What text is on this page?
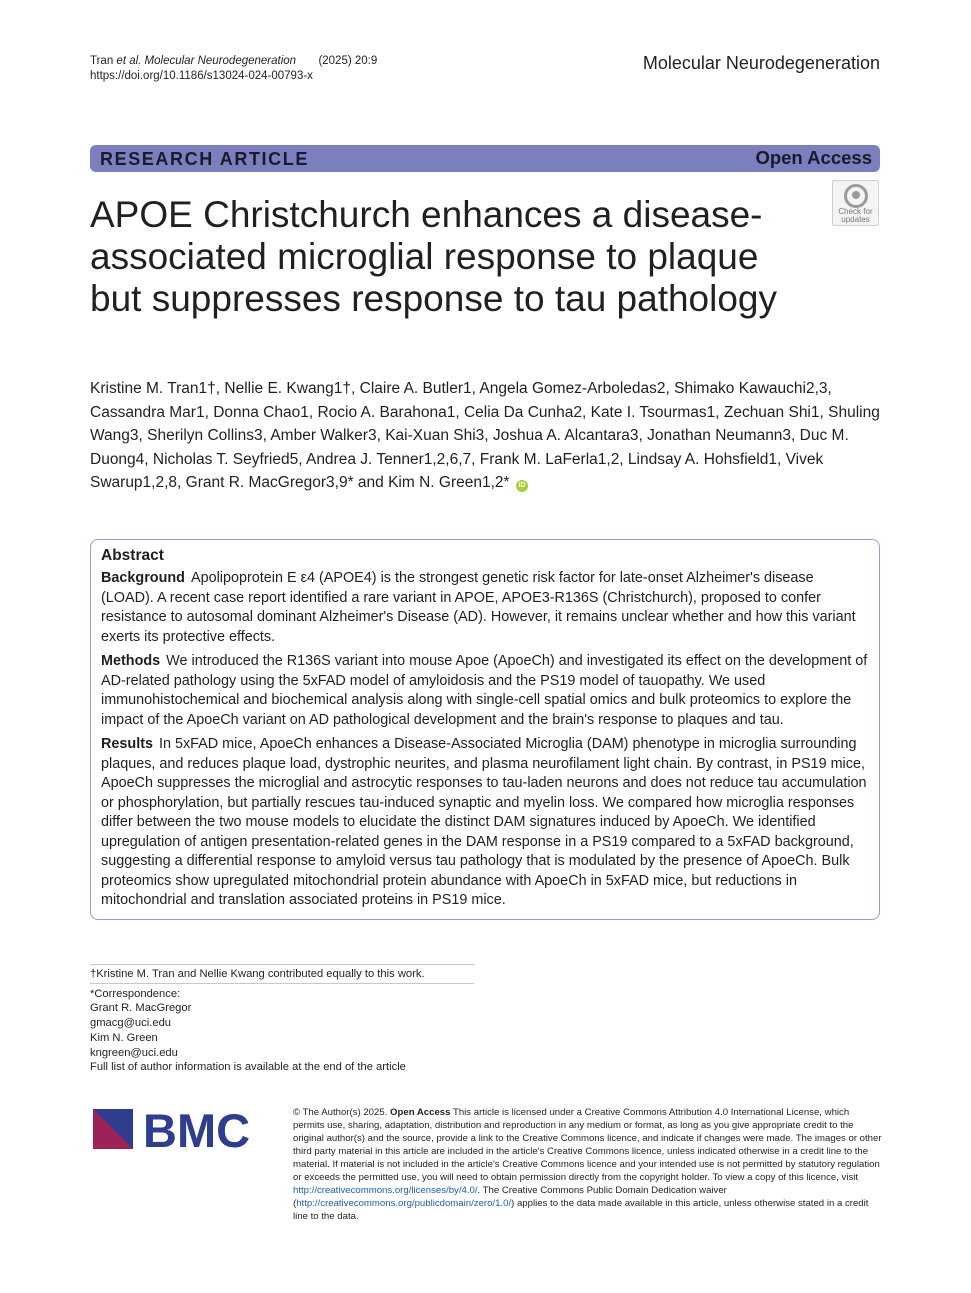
Tran et al. Molecular Neurodegeneration (2025) 20:9
https://doi.org/10.1186/s13024-024-00793-x
Molecular Neurodegeneration
RESEARCH ARTICLE	Open Access
Check for
updates
APOE Christchurch enhances a disease-associated microglial response to plaque but suppresses response to tau pathology
Kristine M. Tran1†, Nellie E. Kwang1†, Claire A. Butler1, Angela Gomez-Arboledas2, Shimako Kawauchi2,3, Cassandra Mar1, Donna Chao1, Rocio A. Barahona1, Celia Da Cunha2, Kate I. Tsourmas1, Zechuan Shi1, Shuling Wang3, Sherilyn Collins3, Amber Walker3, Kai-Xuan Shi3, Joshua A. Alcantara3, Jonathan Neumann3, Duc M. Duong4, Nicholas T. Seyfried5, Andrea J. Tenner1,2,6,7, Frank M. LaFerla1,2, Lindsay A. Hohsfield1, Vivek Swarup1,2,8, Grant R. MacGregor3,9* and Kim N. Green1,2* iD
Abstract

Background Apolipoprotein E ε4 (APOE4) is the strongest genetic risk factor for late-onset Alzheimer's disease (LOAD). A recent case report identified a rare variant in APOE, APOE3-R136S (Christchurch), proposed to confer resistance to autosomal dominant Alzheimer's Disease (AD). However, it remains unclear whether and how this variant exerts its protective effects.

Methods We introduced the R136S variant into mouse Apoe (ApoeCh) and investigated its effect on the development of AD-related pathology using the 5xFAD model of amyloidosis and the PS19 model of tauopathy. We used immunohistochemical and biochemical analysis along with single-cell spatial omics and bulk proteomics to explore the impact of the ApoeCh variant on AD pathological development and the brain's response to plaques and tau.

Results In 5xFAD mice, ApoeCh enhances a Disease-Associated Microglia (DAM) phenotype in microglia surrounding plaques, and reduces plaque load, dystrophic neurites, and plasma neurofilament light chain. By contrast, in PS19 mice, ApoeCh suppresses the microglial and astrocytic responses to tau-laden neurons and does not reduce tau accumulation or phosphorylation, but partially rescues tau-induced synaptic and myelin loss. We compared how microglia responses differ between the two mouse models to elucidate the distinct DAM signatures induced by ApoeCh. We identified upregulation of antigen presentation-related genes in the DAM response in a PS19 compared to a 5xFAD background, suggesting a differential response to amyloid versus tau pathology that is modulated by the presence of ApoeCh. Bulk proteomics show upregulated mitochondrial protein abundance with ApoeCh in 5xFAD mice, but reductions in mitochondrial and translation associated proteins in PS19 mice.

†Kristine M. Tran and Nellie Kwang contributed equally to this work.
*Correspondence:
Grant R. MacGregor
gmacg@uci.edu
Kim N. Green
kngreen@uci.edu
Full list of author information is available at the end of the article
BMC	© The Author(s) 2025. Open Access This article is licensed under a Creative Commons Attribution 4.0 International License, which permits use, sharing, adaptation, distribution and reproduction in any medium or format, as long as you give appropriate credit to the original author(s) and the source, provide a link to the Creative Commons licence, and indicate if changes were made. The images or other third party material in this article are included in the article's Creative Commons licence, unless indicated otherwise in a credit line to the material. If material is not included in the article's Creative Commons licence and your intended use is not permitted by statutory regulation or exceeds the permitted use, you will need to obtain permission directly from the copyright holder. To view a copy of this licence, visit http://creativecommons.org/licenses/by/4.0/. The Creative Commons Public Domain Dedication waiver (http://creativecommons.org/publicdomain/zero/1.0/) applies to the data made available in this article, unless otherwise stated in a credit line to the data.
